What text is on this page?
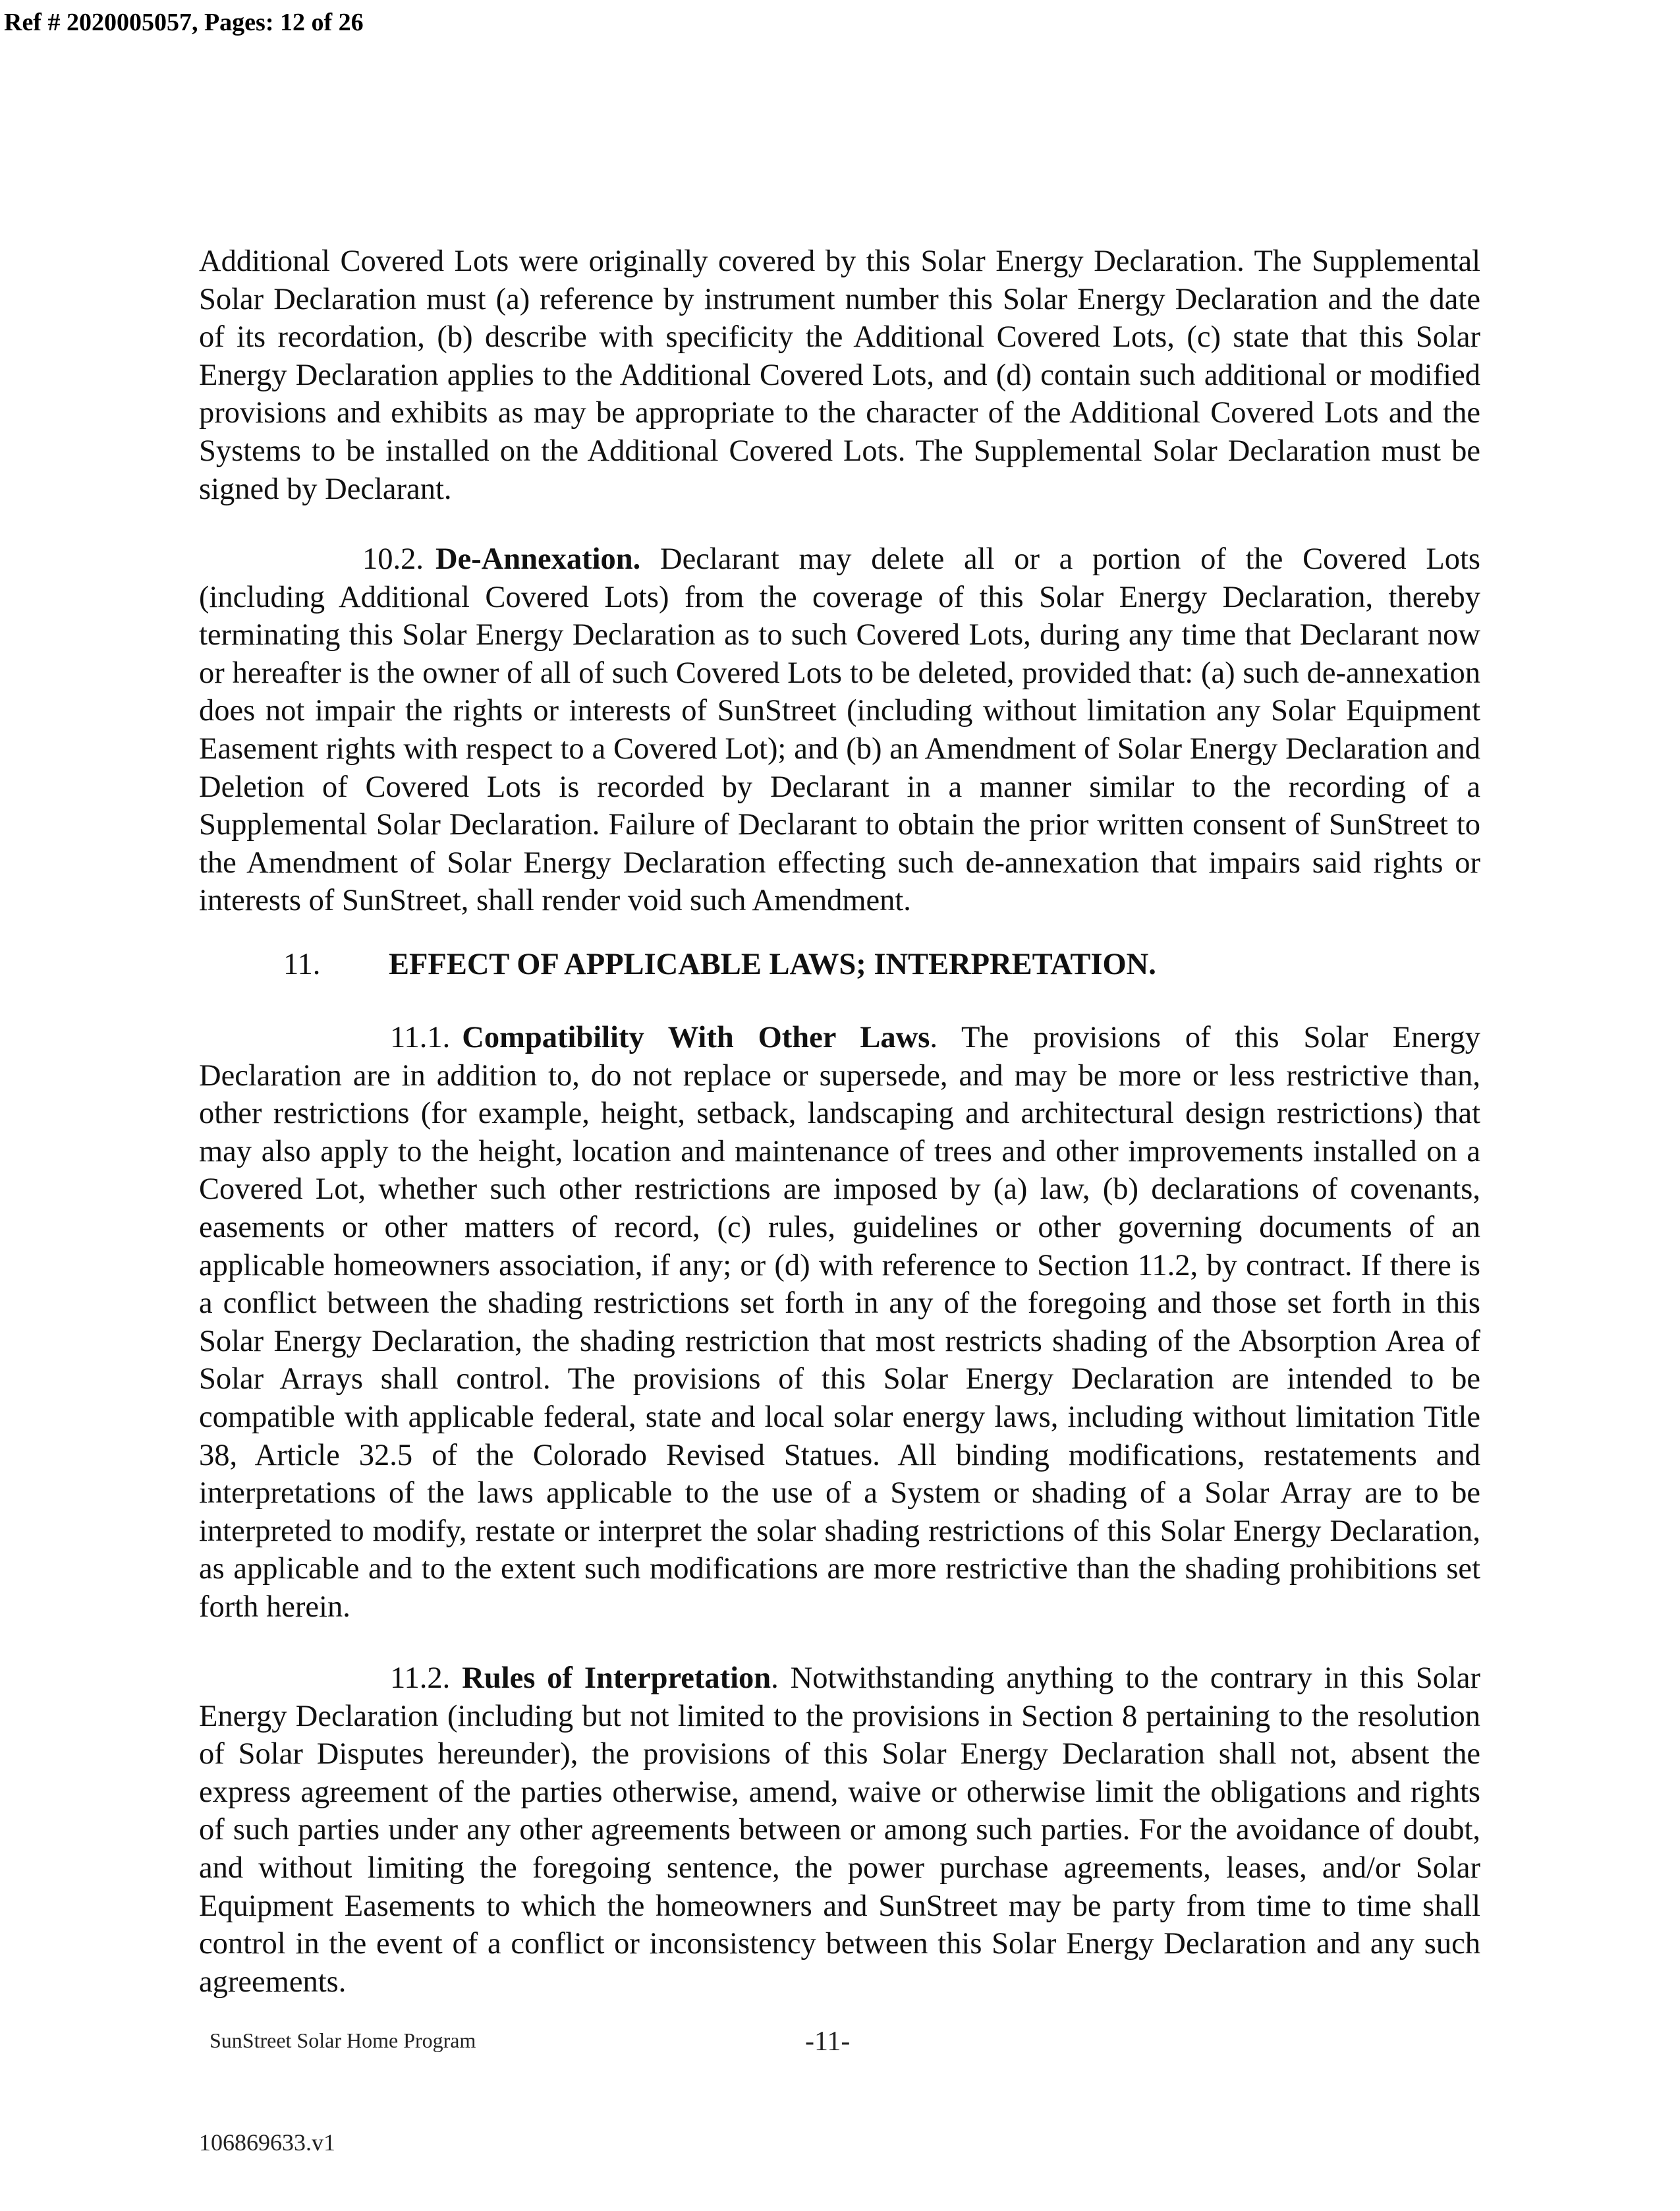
Ref # 2020005057, Pages: 12 of 26

Additional Covered Lots were originally covered by this Solar Energy Declaration. The Supplemental Solar Declaration must (a) reference by instrument number this Solar Energy Declaration and the date of its recordation, (b) describe with specificity the Additional Covered Lots, (c) state that this Solar Energy Declaration applies to the Additional Covered Lots, and (d) contain such additional or modified provisions and exhibits as may be appropriate to the character of the Additional Covered Lots and the Systems to be installed on the Additional Covered Lots. The Supplemental Solar Declaration must be signed by Declarant.

10.2. De-Annexation. Declarant may delete all or a portion of the Covered Lots (including Additional Covered Lots) from the coverage of this Solar Energy Declaration, thereby terminating this Solar Energy Declaration as to such Covered Lots, during any time that Declarant now or hereafter is the owner of all of such Covered Lots to be deleted, provided that: (a) such de-annexation does not impair the rights or interests of SunStreet (including without limitation any Solar Equipment Easement rights with respect to a Covered Lot); and (b) an Amendment of Solar Energy Declaration and Deletion of Covered Lots is recorded by Declarant in a manner similar to the recording of a Supplemental Solar Declaration. Failure of Declarant to obtain the prior written consent of SunStreet to the Amendment of Solar Energy Declaration effecting such de-annexation that impairs said rights or interests of SunStreet, shall render void such Amendment.

11. EFFECT OF APPLICABLE LAWS; INTERPRETATION.

11.1. Compatibility With Other Laws. The provisions of this Solar Energy Declaration are in addition to, do not replace or supersede, and may be more or less restrictive than, other restrictions (for example, height, setback, landscaping and architectural design restrictions) that may also apply to the height, location and maintenance of trees and other improvements installed on a Covered Lot, whether such other restrictions are imposed by (a) law, (b) declarations of covenants, easements or other matters of record, (c) rules, guidelines or other governing documents of an applicable homeowners association, if any; or (d) with reference to Section 11.2, by contract. If there is a conflict between the shading restrictions set forth in any of the foregoing and those set forth in this Solar Energy Declaration, the shading restriction that most restricts shading of the Absorption Area of Solar Arrays shall control. The provisions of this Solar Energy Declaration are intended to be compatible with applicable federal, state and local solar energy laws, including without limitation Title 38, Article 32.5 of the Colorado Revised Statues. All binding modifications, restatements and interpretations of the laws applicable to the use of a System or shading of a Solar Array are to be interpreted to modify, restate or interpret the solar shading restrictions of this Solar Energy Declaration, as applicable and to the extent such modifications are more restrictive than the shading prohibitions set forth herein.

11.2. Rules of Interpretation. Notwithstanding anything to the contrary in this Solar Energy Declaration (including but not limited to the provisions in Section 8 pertaining to the resolution of Solar Disputes hereunder), the provisions of this Solar Energy Declaration shall not, absent the express agreement of the parties otherwise, amend, waive or otherwise limit the obligations and rights of such parties under any other agreements between or among such parties. For the avoidance of doubt, and without limiting the foregoing sentence, the power purchase agreements, leases, and/or Solar Equipment Easements to which the homeowners and SunStreet may be party from time to time shall control in the event of a conflict or inconsistency between this Solar Energy Declaration and any such agreements.

SunStreet Solar Home Program	-11-
106869633.v1
